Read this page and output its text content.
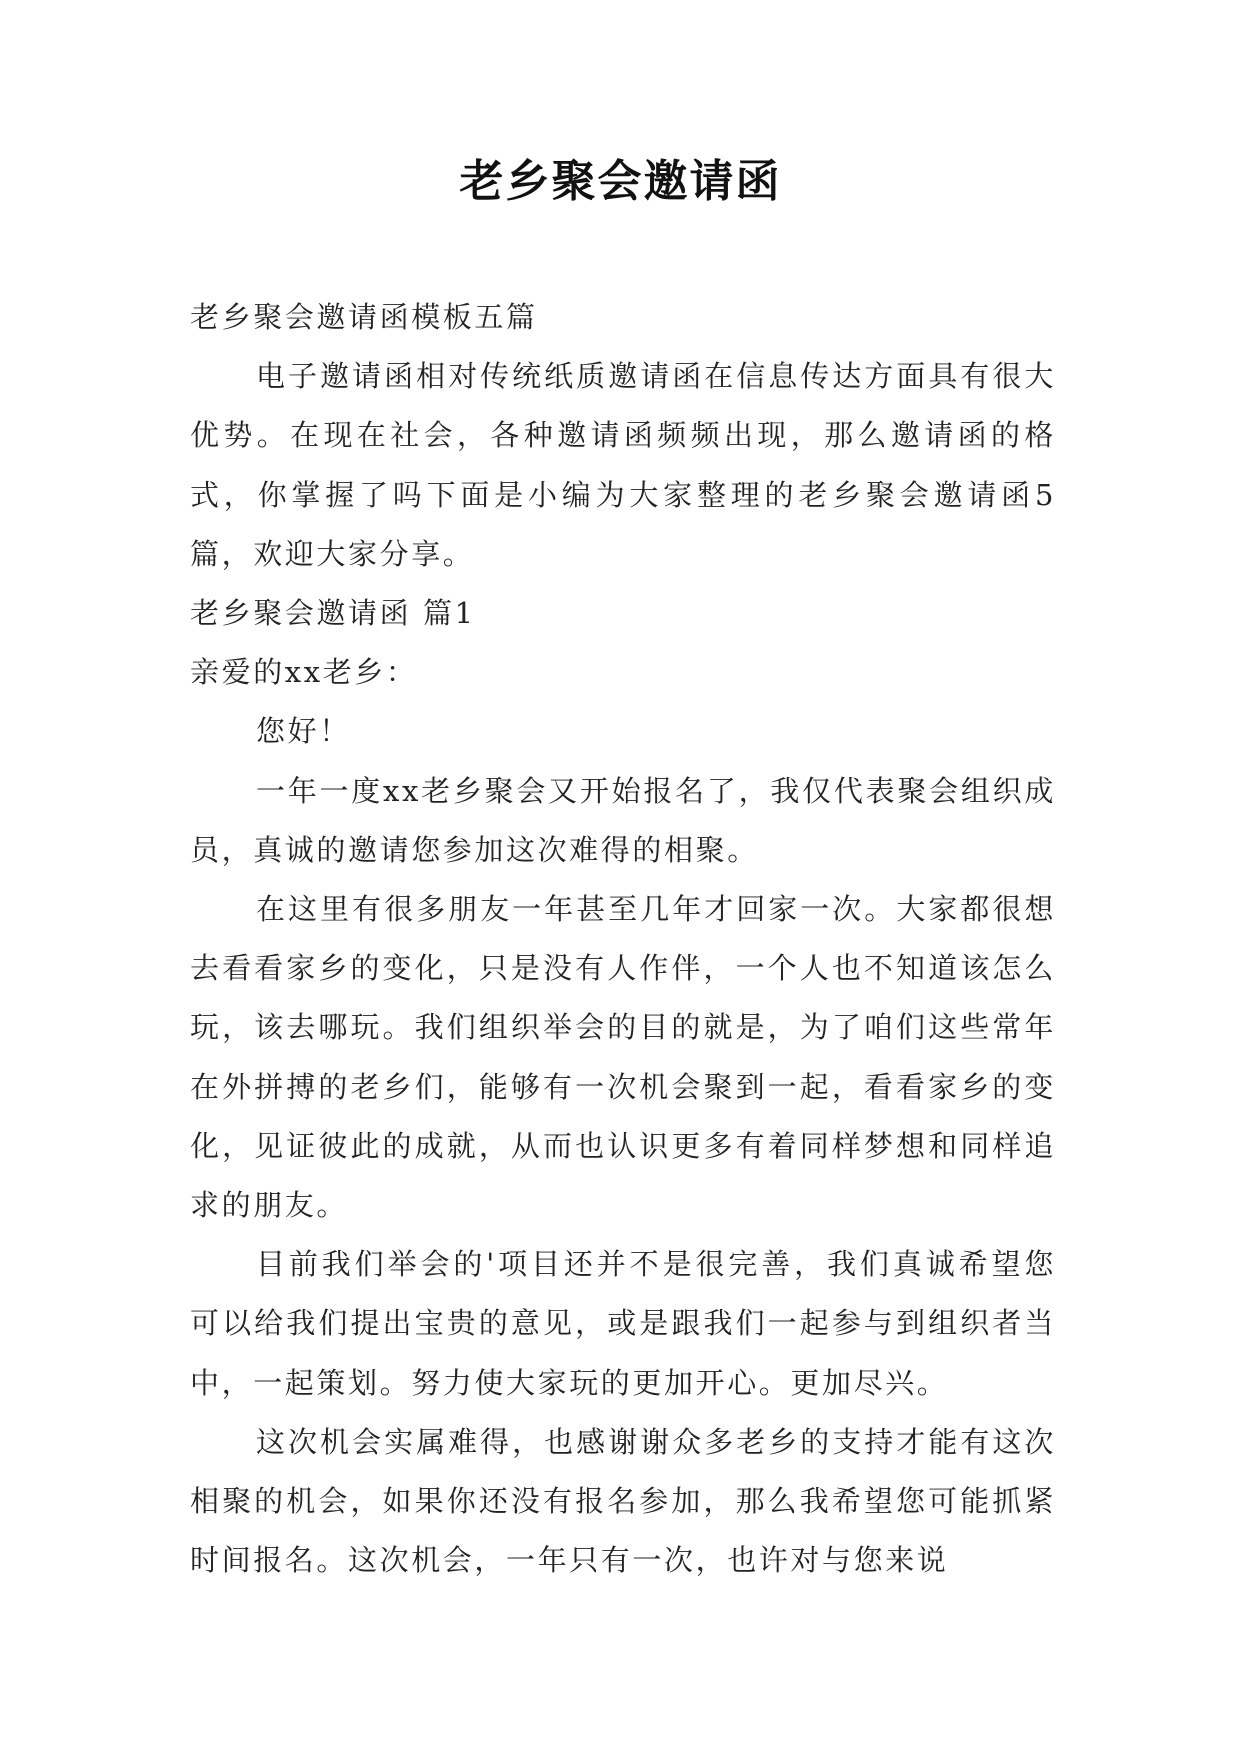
老乡聚会邀请函

老乡聚会邀请函模板五篇

电子邀请函相对传统纸质邀请函在信息传达方面具有很大优势。在现在社会，各种邀请函频频出现，那么邀请函的格式，你掌握了吗下面是小编为大家整理的老乡聚会邀请函5篇，欢迎大家分享。

老乡聚会邀请函 篇1

亲爱的xx老乡：

您好！

一年一度xx老乡聚会又开始报名了，我仅代表聚会组织成员，真诚的邀请您参加这次难得的相聚。

在这里有很多朋友一年甚至几年才回家一次。大家都很想去看看家乡的变化，只是没有人作伴，一个人也不知道该怎么玩，该去哪玩。我们组织举会的目的就是，为了咱们这些常年在外拼搏的老乡们，能够有一次机会聚到一起，看看家乡的变化，见证彼此的成就，从而也认识更多有着同样梦想和同样追求的朋友。

目前我们举会的'项目还并不是很完善，我们真诚希望您可以给我们提出宝贵的意见，或是跟我们一起参与到组织者当中，一起策划。努力使大家玩的更加开心。更加尽兴。

这次机会实属难得，也感谢谢众多老乡的支持才能有这次相聚的机会，如果你还没有报名参加，那么我希望您可能抓紧时间报名。这次机会，一年只有一次，也许对与您来说
